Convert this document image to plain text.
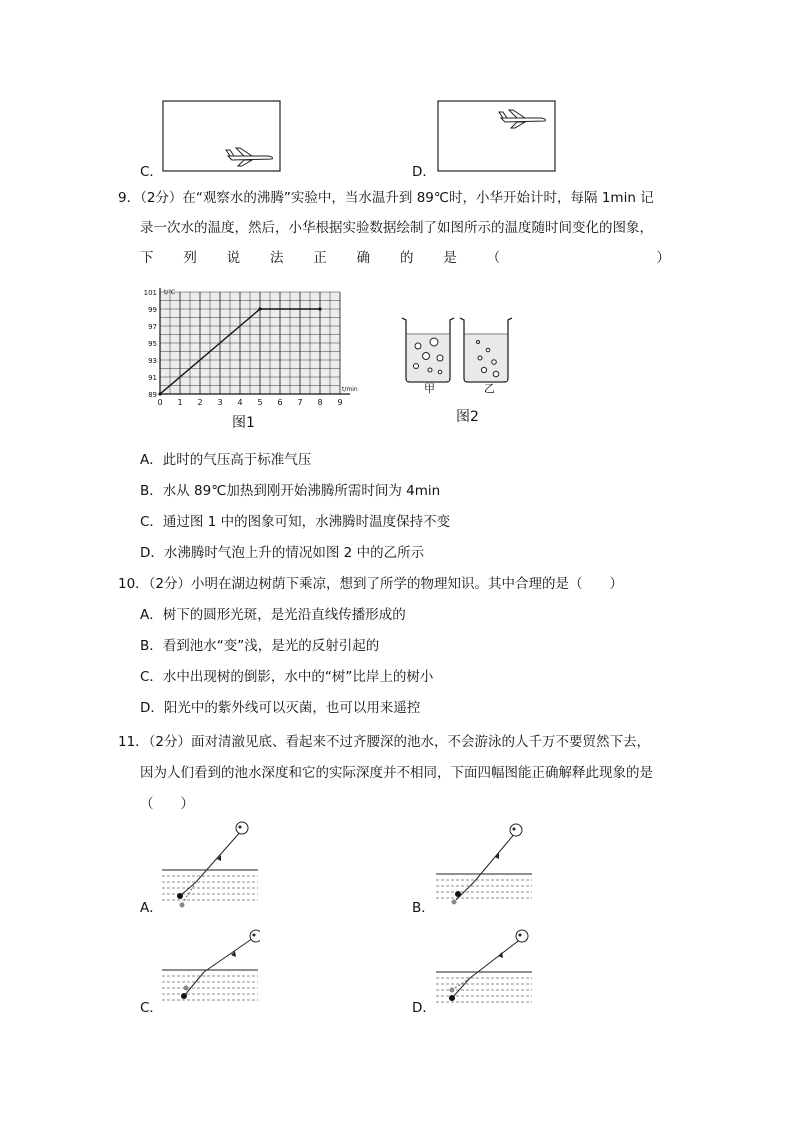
C．	D．
9．（2分）在“观察水的沸腾”实验中，当水温升到 89℃时，小华开始计时，每隔 1min 记
录一次水的温度，然后，小华根据实验数据绘制了如图所示的温度随时间变化的图象，
下 列 说 法 正 确 的 是 （	）
0 1 2 3 4 5 6 7 8 9
89
91
93
95
97
99
101 t/℃
t/min
图1
甲	乙
图2
A．此时的气压高于标准气压
B．水从 89℃加热到刚开始沸腾所需时间为 4min
C．通过图 1 中的图象可知，水沸腾时温度保持不变
D．水沸腾时气泡上升的情况如图 2 中的乙所示
10．（2分）小明在湖边树荫下乘凉，想到了所学的物理知识。其中合理的是（　　）
A．树下的圆形光斑，是光沿直线传播形成的
B．看到池水“变”浅，是光的反射引起的
C．水中出现树的倒影，水中的“树”比岸上的树小
D．阳光中的紫外线可以灭菌，也可以用来遥控
11．（2分）面对清澈见底、看起来不过齐腰深的池水，不会游泳的人千万不要贸然下去，
因为人们看到的池水深度和它的实际深度并不相同，下面四幅图能正确解释此现象的是
（　　）
A．	B．
C．	D．
